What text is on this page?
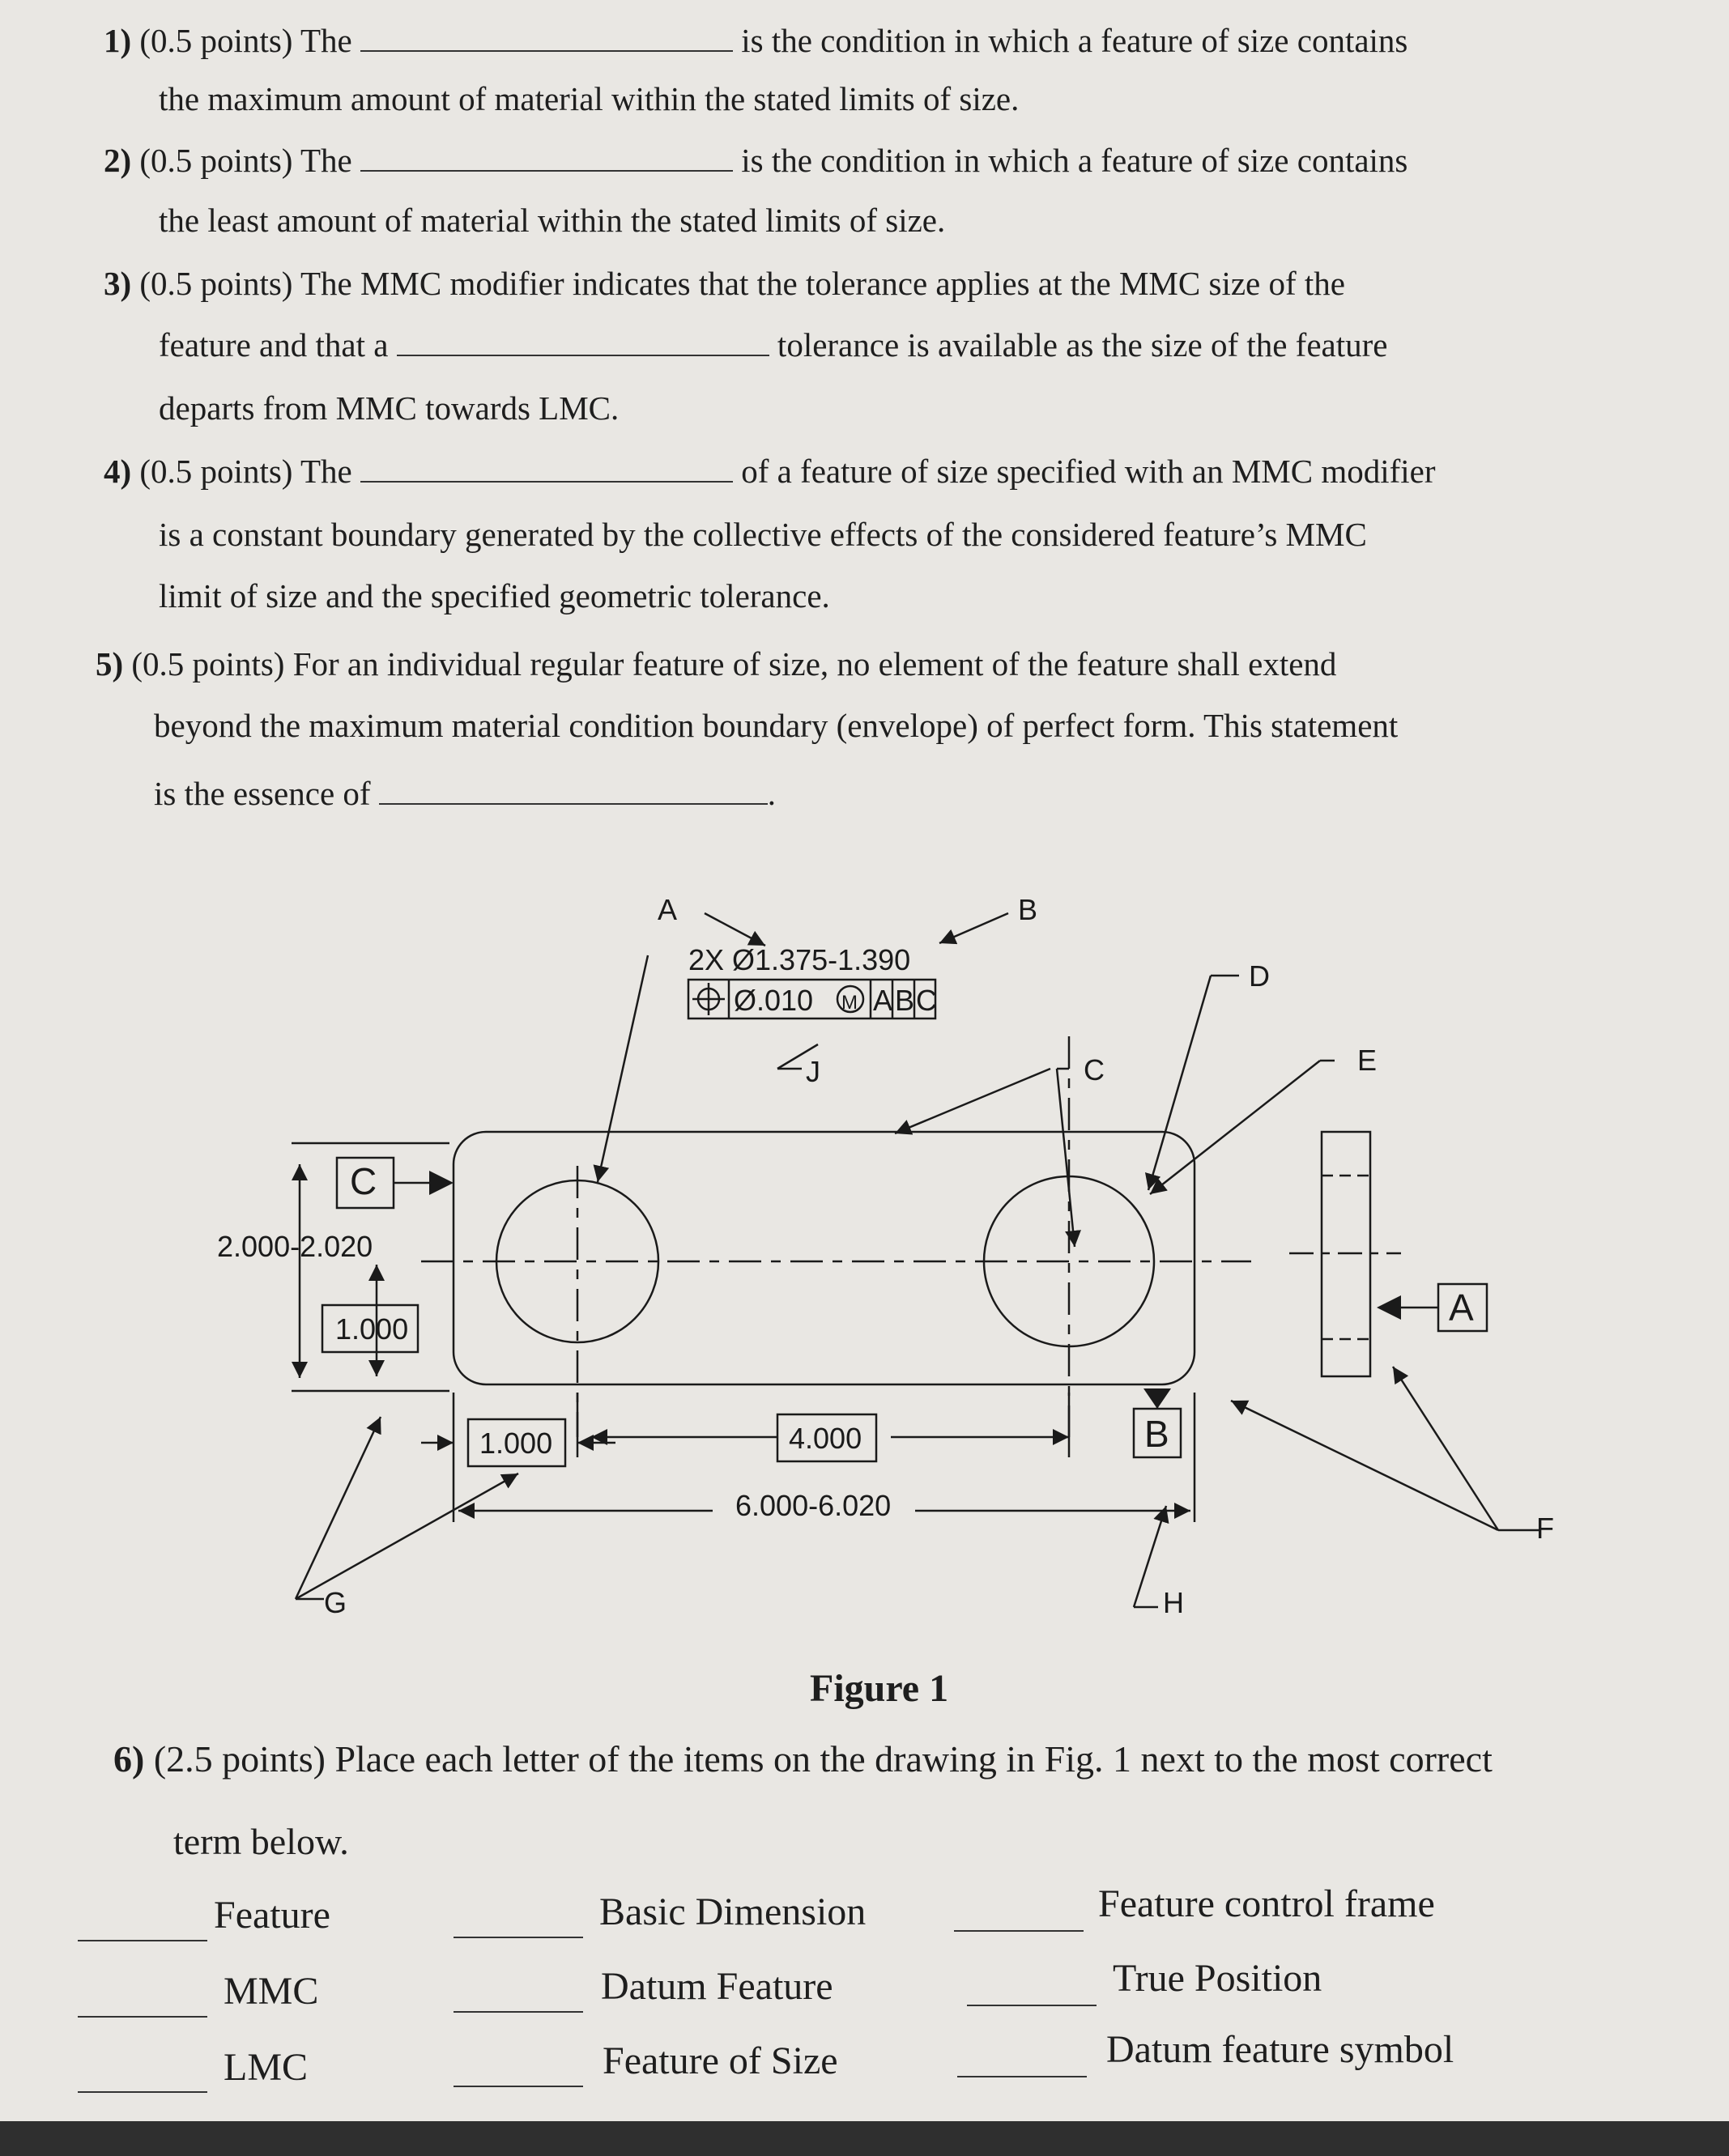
1) (0.5 points) The	is the condition in which a feature of size contains
the maximum amount of material within the stated limits of size.
2) (0.5 points) The	is the condition in which a feature of size contains
the least amount of material within the stated limits of size.
3) (0.5 points) The MMC modifier indicates that the tolerance applies at the MMC size of the
feature and that a	tolerance is available as the size of the feature
departs from MMC towards LMC.
4) (0.5 points) The	of a feature of size specified with an MMC modifier
is a constant boundary generated by the collective effects of the considered feature’s MMC
limit of size and the specified geometric tolerance.
5) (0.5 points) For an individual regular feature of size, no element of the feature shall extend
beyond the maximum material condition boundary (envelope) of perfect form. This statement
is the essence of	.
2X Ø1.375-1.390
Ø.010 M A B C
2.000-2.020
1.000
1.000	4.000
6.000-6.020
C
B
A
A	B
C
D
E
F
G	H
J
Figure 1
6) (2.5 points) Place each letter of the items on the drawing in Fig. 1 next to the most correct
term below.
Feature
MMC
LMC
Basic Dimension
Datum Feature
Feature of Size
Feature control frame
True Position
Datum feature symbol
